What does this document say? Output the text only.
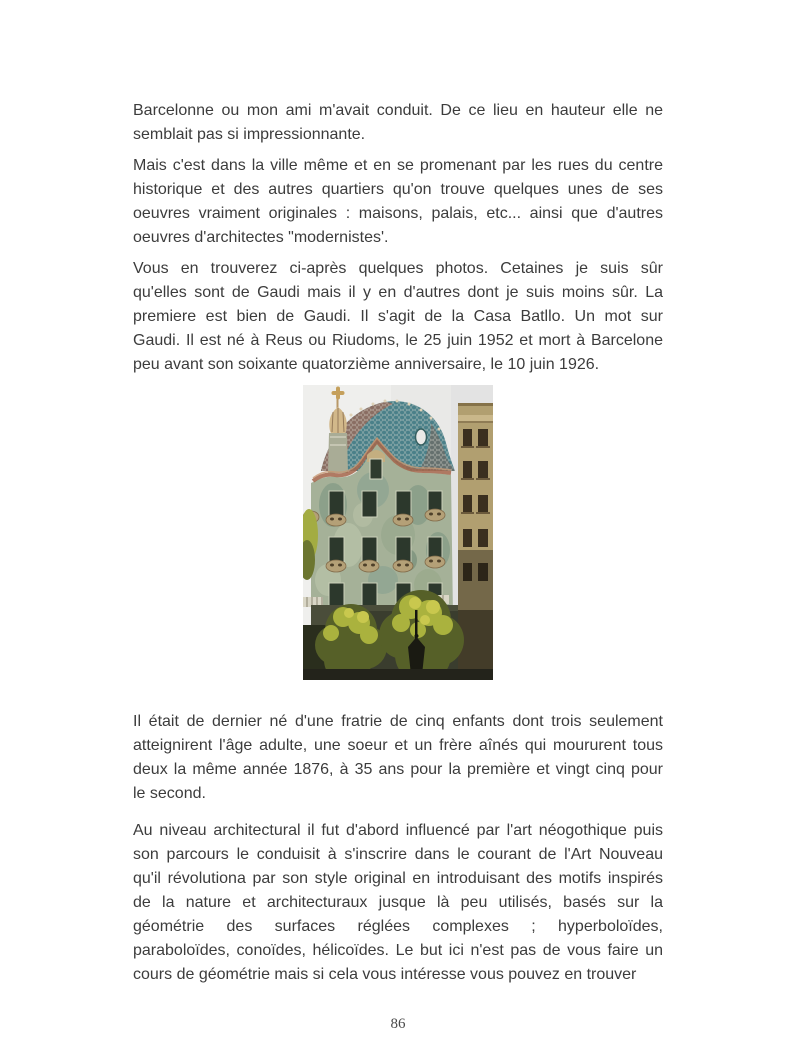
Barcelonne ou mon ami m'avait conduit. De ce lieu en hauteur elle ne
semblait pas si impressionnante.

Mais c'est dans la ville même et en se promenant par les rues du centre
historique et des autres quartiers qu'on trouve quelques unes de ses
oeuvres vraiment originales : maisons, palais, etc... ainsi que d'autres
oeuvres d'architectes "modernistes'.

Vous en trouverez ci-après quelques photos. Cetaines je suis sûr
qu'elles sont de Gaudi mais il y en d'autres dont je suis moins sûr. La
premiere est bien de Gaudi. Il s'agit de la Casa Batllo. Un mot sur
Gaudi. Il est né à Reus ou Riudoms, le 25 juin 1952 et mort à Barcelone
peu avant son soixante quatorzième anniversaire, le 10 juin 1926.

Il était de dernier né d'une fratrie de cinq enfants dont trois seulement
atteignirent l'âge adulte, une soeur et un frère aînés qui moururent tous
deux la même année 1876, à 35 ans pour la première et vingt cinq pour
le second.

Au niveau architectural il fut d'abord influencé par l'art néogothique puis
son parcours le conduisit à s'inscrire dans le courant de l'Art Nouveau
qu'il révolutiona par son style original en introduisant des motifs inspirés
de la nature et architecturaux jusque là peu utilisés, basés sur la
géométrie des surfaces réglées complexes ; hyperboloïdes,
paraboloïdes, conoïdes, hélicoïdes. Le but ici n'est pas de vous faire un
cours de géométrie mais si cela vous intéresse vous pouvez en trouver

86
